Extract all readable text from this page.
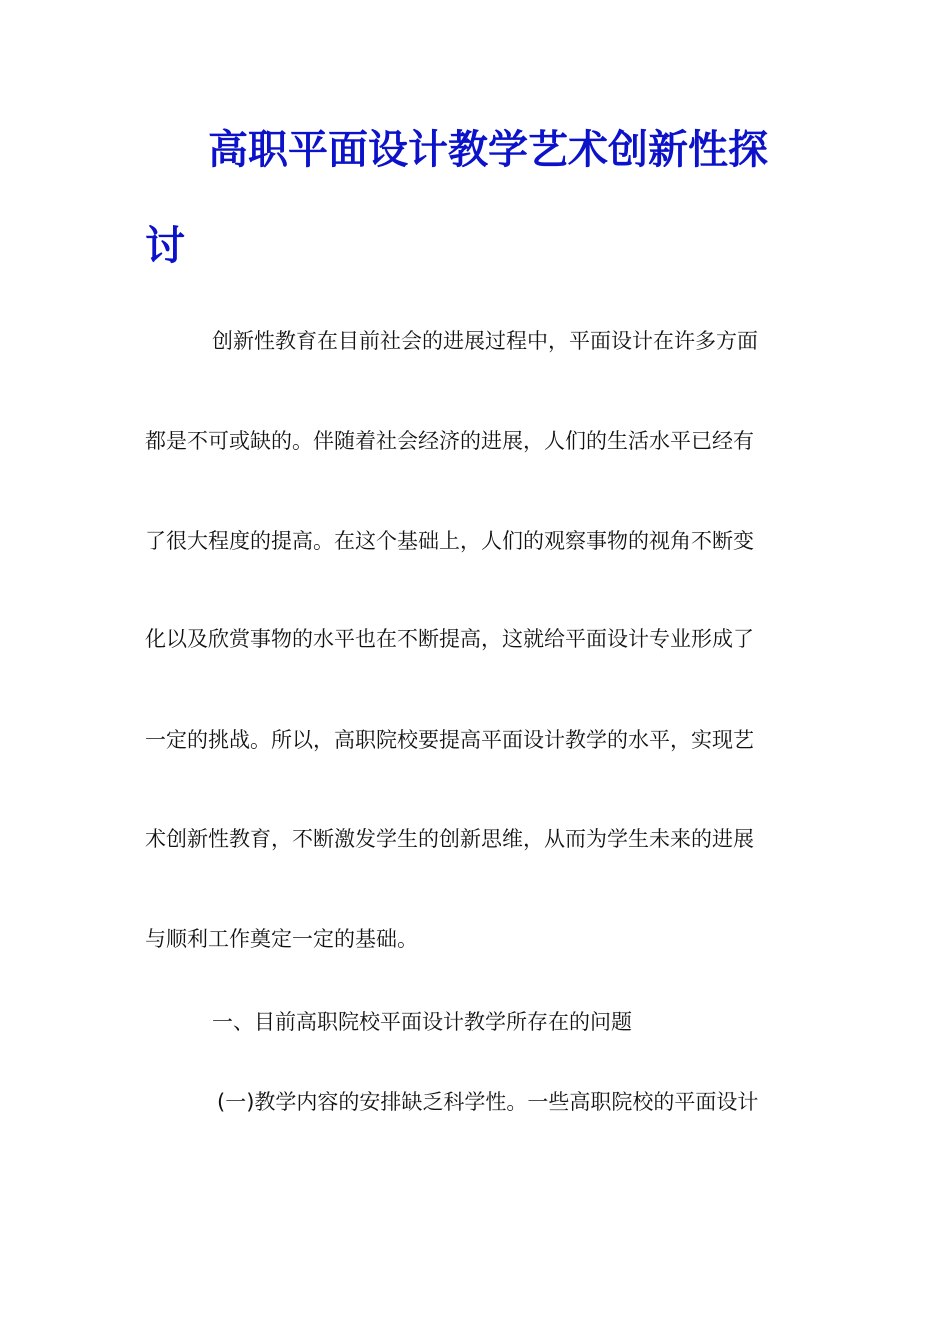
高职平面设计教学艺术创新性探
讨
创新性教育在目前社会的进展过程中，平面设计在许多方面
都是不可或缺的。伴随着社会经济的进展，人们的生活水平已经有
了很大程度的提高。在这个基础上，人们的观察事物的视角不断变
化以及欣赏事物的水平也在不断提高，这就给平面设计专业形成了
一定的挑战。所以，高职院校要提高平面设计教学的水平，实现艺
术创新性教育，不断激发学生的创新思维，从而为学生未来的进展
与顺利工作奠定一定的基础。
一、目前高职院校平面设计教学所存在的问题
(一)教学内容的安排缺乏科学性。一些高职院校的平面设计
